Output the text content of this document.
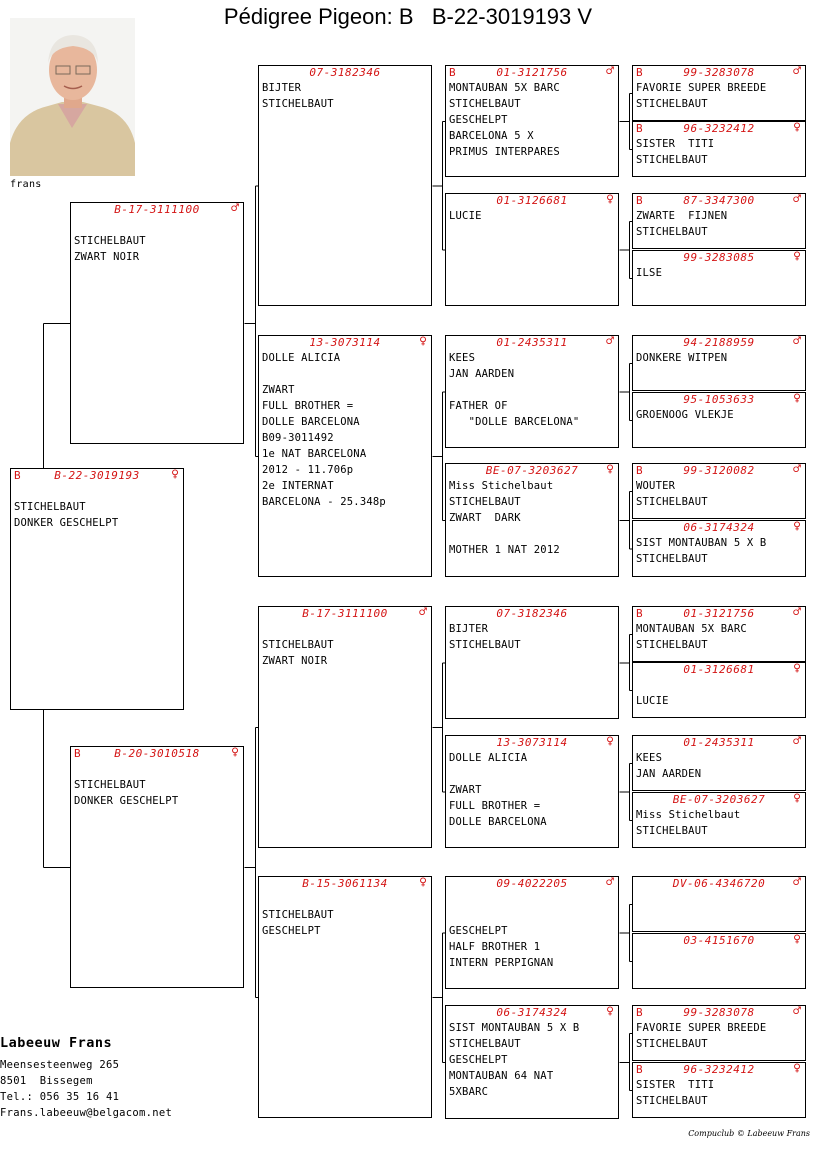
Pédigree Pigeon: B   B-22-3019193 V
frans
B	B-22-3019193	♀

STICHELBAUT
DONKER GESCHELPT
B-17-3111100	♂

STICHELBAUT
ZWART NOIR
B	B-20-3010518	♀

STICHELBAUT
DONKER GESCHELPT
07-3182346
BIJTER
STICHELBAUT
13-3073114	♀
DOLLE ALICIA

ZWART
FULL BROTHER =
DOLLE BARCELONA
B09-3011492
1e NAT BARCELONA
2012 - 11.706p
2e INTERNAT
BARCELONA - 25.348p
B-17-3111100	♂

STICHELBAUT
ZWART NOIR
B-15-3061134	♀

STICHELBAUT
GESCHELPT
B	01-3121756	♂
MONTAUBAN 5X BARC
STICHELBAUT
GESCHELPT
BARCELONA 5 X
PRIMUS INTERPARES
01-3126681	♀
LUCIE
01-2435311	♂
KEES
JAN AARDEN

FATHER OF
"DOLLE BARCELONA"
BE-07-3203627	♀
Miss Stichelbaut
STICHELBAUT
ZWART  DARK

MOTHER 1 NAT 2012
07-3182346
BIJTER
STICHELBAUT
13-3073114	♀
DOLLE ALICIA

ZWART
FULL BROTHER =
DOLLE BARCELONA
09-4022205	♂

GESCHELPT
HALF BROTHER 1
INTERN PERPIGNAN
06-3174324	♀
SIST MONTAUBAN 5 X B
STICHELBAUT
GESCHELPT
MONTAUBAN 64 NAT
5XBARC
B	99-3283078	♂
FAVORIE SUPER BREEDE
STICHELBAUT
B	96-3232412	♀
SISTER  TITI
STICHELBAUT
B	87-3347300	♂
ZWARTE  FIJNEN
STICHELBAUT
99-3283085	♀
ILSE
94-2188959	♂
DONKERE WITPEN
95-1053633	♀
GROENOOG VLEKJE
B	99-3120082	♂
WOUTER
STICHELBAUT
06-3174324	♀
SIST MONTAUBAN 5 X B
STICHELBAUT
B	01-3121756	♂
MONTAUBAN 5X BARC
STICHELBAUT
01-3126681	♀

LUCIE
01-2435311	♂
KEES
JAN AARDEN
BE-07-3203627	♀
Miss Stichelbaut
STICHELBAUT
DV-06-4346720	♂
03-4151670	♀
B	99-3283078	♂
FAVORIE SUPER BREEDE
STICHELBAUT
B	96-3232412	♀
SISTER  TITI
STICHELBAUT
Labeeuw Frans
Meensesteenweg 265
8501  Bissegem
Tel.: 056 35 16 41
Frans.labeeuw@belgacom.net
Compuclub © Labeeuw Frans
